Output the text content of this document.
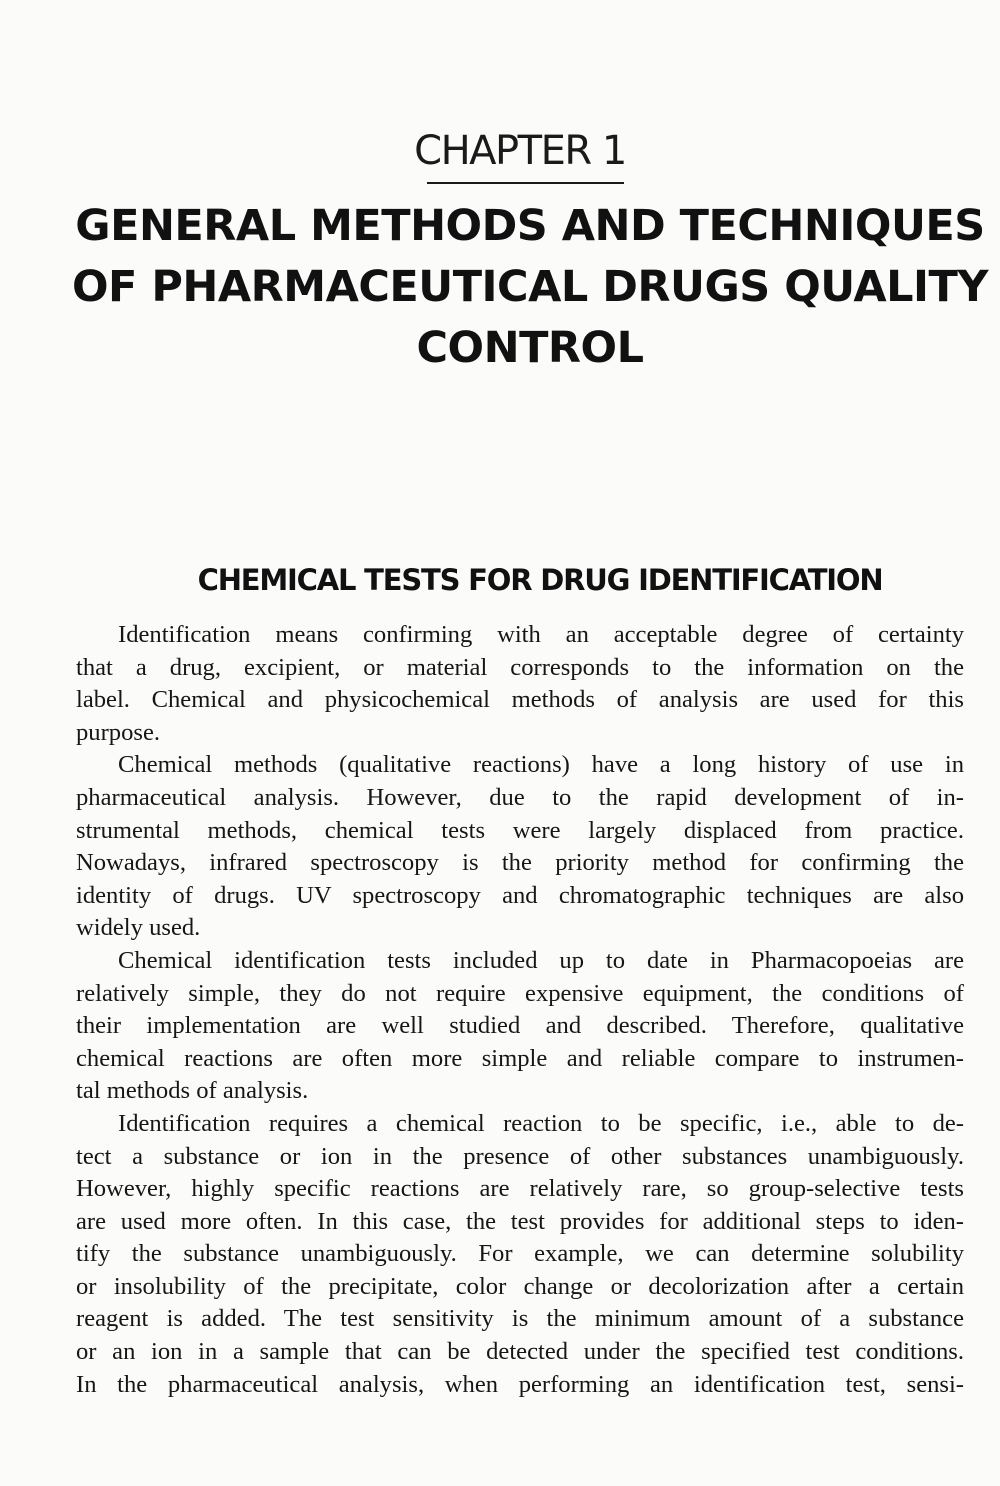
CHAPTER 1
GENERAL METHODS AND TECHNIQUES
OF PHARMACEUTICAL DRUGS QUALITY
CONTROL
CHEMICAL TESTS FOR DRUG IDENTIFICATION

Identification means confirming with an acceptable degree of certainty
that a drug, excipient, or material corresponds to the information on the
label. Chemical and physicochemical methods of analysis are used for this
purpose.

Chemical methods (qualitative reactions) have a long history of use in
pharmaceutical analysis. However, due to the rapid development of in-
strumental methods, chemical tests were largely displaced from practice.
Nowadays, infrared spectroscopy is the priority method for confirming the
identity of drugs. UV spectroscopy and chromatographic techniques are also
widely used.

Chemical identification tests included up to date in Pharmacopoeias are
relatively simple, they do not require expensive equipment, the conditions of
their implementation are well studied and described. Therefore, qualitative
chemical reactions are often more simple and reliable compare to instrumen-
tal methods of analysis.

Identification requires a chemical reaction to be specific, i.e., able to de-
tect a substance or ion in the presence of other substances unambiguously.
However, highly specific reactions are relatively rare, so group-selective tests
are used more often. In this case, the test provides for additional steps to iden-
tify the substance unambiguously. For example, we can determine solubility
or insolubility of the precipitate, color change or decolorization after a certain
reagent is added. The test sensitivity is the minimum amount of a substance
or an ion in a sample that can be detected under the specified test conditions.
In the pharmaceutical analysis, when performing an identification test, sensi-
